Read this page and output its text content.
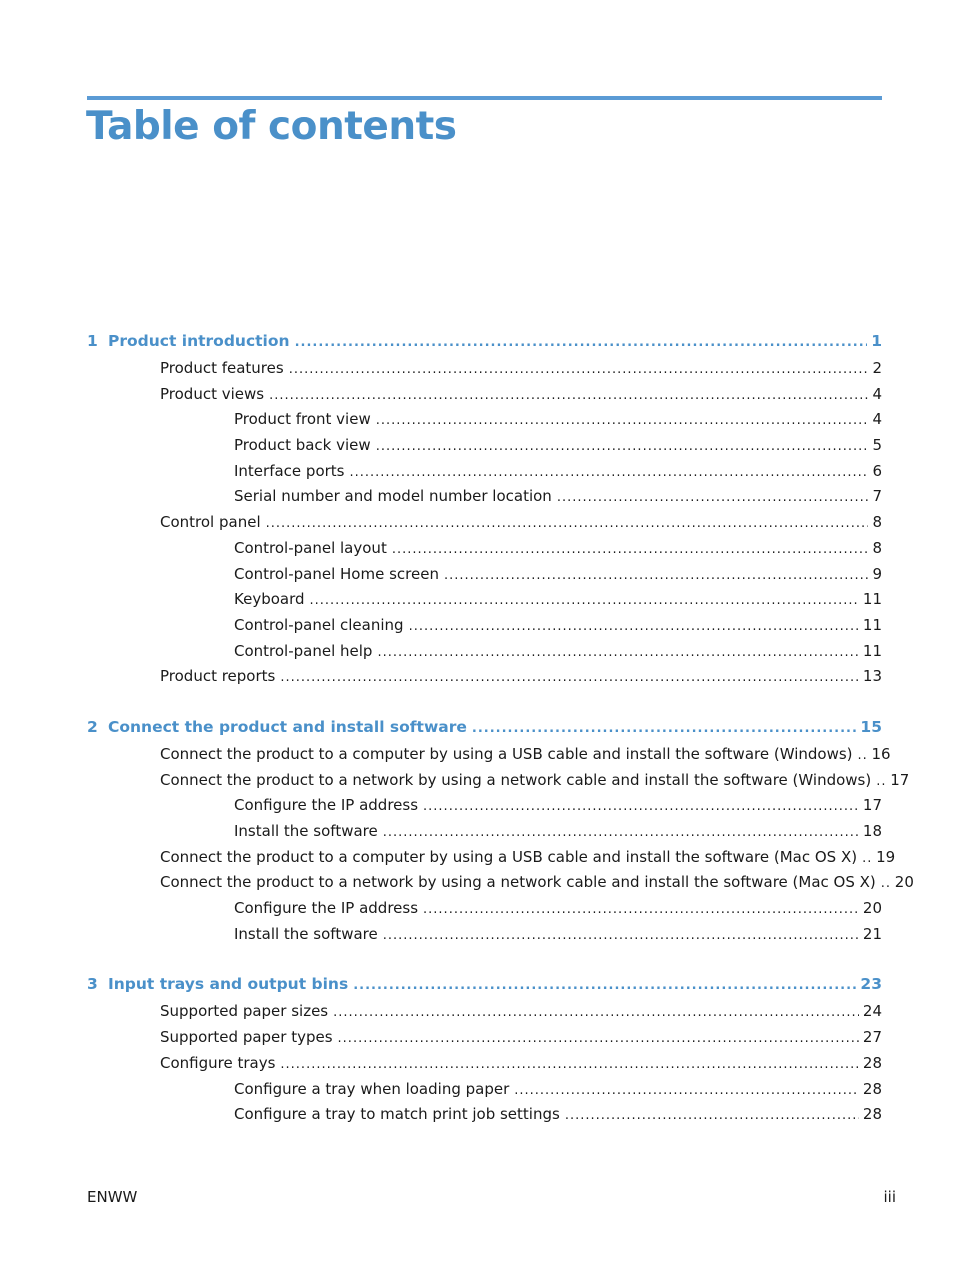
Table of contents
1 Product introduction .....	1
Product features .....	2
Product views .....	4
Product front view .....	4
Product back view .....	5
Interface ports .....	6
Serial number and model number location .....	7
Control panel .....	8
Control-panel layout .....	8
Control-panel Home screen .....	9
Keyboard .....	11
Control-panel cleaning .....	11
Control-panel help .....	11
Product reports .....	13
2 Connect the product and install software .....	15
Connect the product to a computer by using a USB cable and install the software (Windows) .....	16
Connect the product to a network by using a network cable and install the software (Windows) .....	17
Configure the IP address .....	17
Install the software .....	18
Connect the product to a computer by using a USB cable and install the software (Mac OS X) .....	19
Connect the product to a network by using a network cable and install the software (Mac OS X) .....	20
Configure the IP address .....	20
Install the software .....	21
3 Input trays and output bins .....	23
Supported paper sizes .....	24
Supported paper types .....	27
Configure trays .....	28
Configure a tray when loading paper .....	28
Configure a tray to match print job settings .....	28
ENWW	iii
